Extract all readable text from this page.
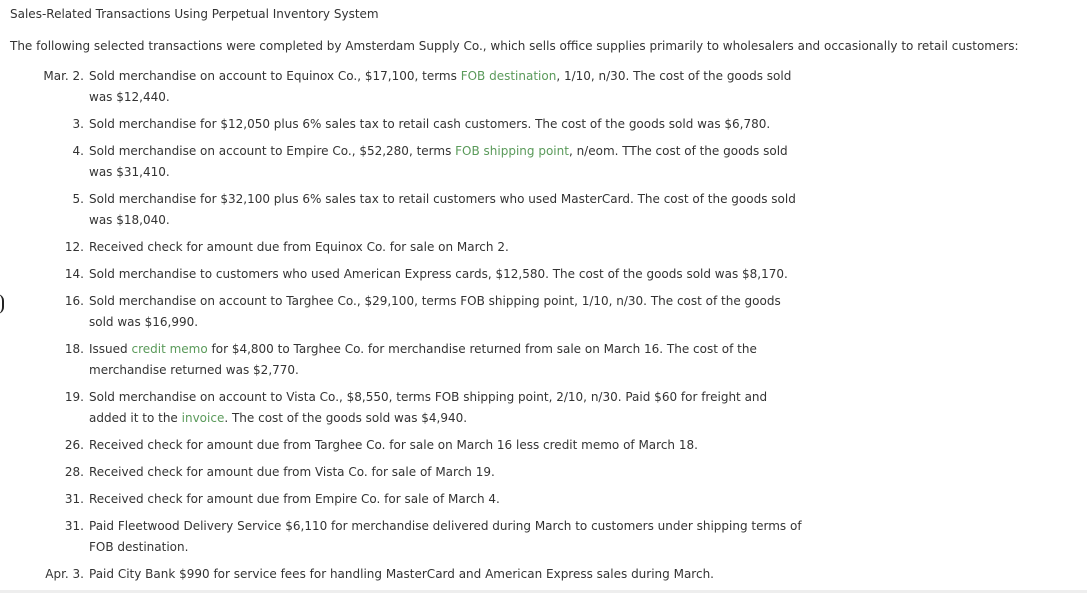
Sales-Related Transactions Using Perpetual Inventory System
The following selected transactions were completed by Amsterdam Supply Co., which sells office supplies primarily to wholesalers and occasionally to retail customers:
Mar. 2. Sold merchandise on account to Equinox Co., $17,100, terms FOB destination, 1/10, n/30. The cost of the goods sold
was $12,440.
3. Sold merchandise for $12,050 plus 6% sales tax to retail cash customers. The cost of the goods sold was $6,780.
4. Sold merchandise on account to Empire Co., $52,280, terms FOB shipping point, n/eom. TThe cost of the goods sold
was $31,410.
5. Sold merchandise for $32,100 plus 6% sales tax to retail customers who used MasterCard. The cost of the goods sold
was $18,040.
12. Received check for amount due from Equinox Co. for sale on March 2.
14. Sold merchandise to customers who used American Express cards, $12,580. The cost of the goods sold was $8,170.
16. Sold merchandise on account to Targhee Co., $29,100, terms FOB shipping point, 1/10, n/30. The cost of the goods
sold was $16,990.
18. Issued credit memo for $4,800 to Targhee Co. for merchandise returned from sale on March 16. The cost of the
merchandise returned was $2,770.
19. Sold merchandise on account to Vista Co., $8,550, terms FOB shipping point, 2/10, n/30. Paid $60 for freight and
added it to the invoice. The cost of the goods sold was $4,940.
26. Received check for amount due from Targhee Co. for sale on March 16 less credit memo of March 18.
28. Received check for amount due from Vista Co. for sale of March 19.
31. Received check for amount due from Empire Co. for sale of March 4.
31. Paid Fleetwood Delivery Service $6,110 for merchandise delivered during March to customers under shipping terms of
FOB destination.
Apr. 3. Paid City Bank $990 for service fees for handling MasterCard and American Express sales during March.
